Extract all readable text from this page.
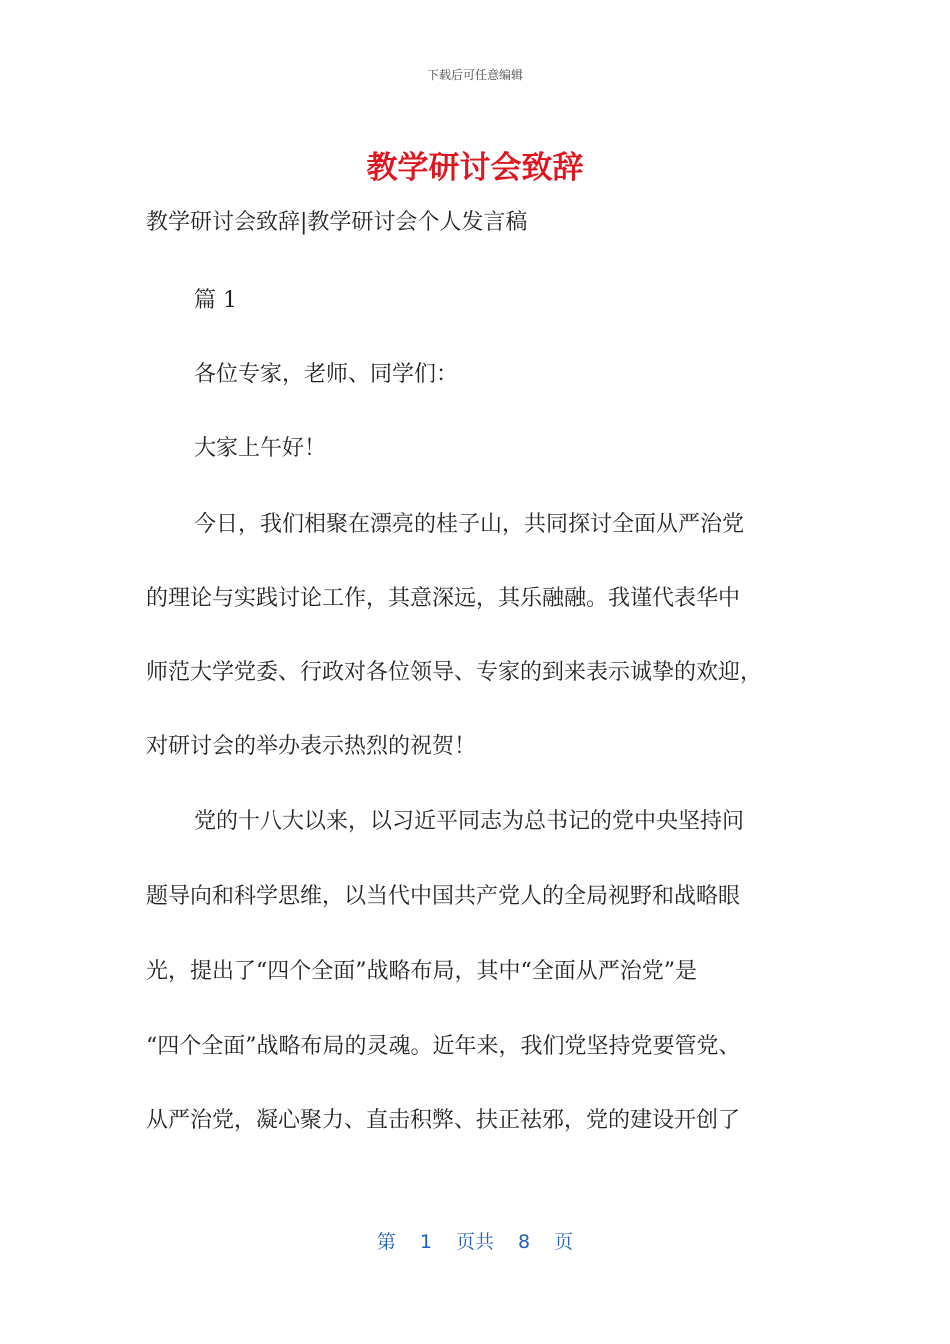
下载后可任意编辑
教学研讨会致辞
教学研讨会致辞|教学研讨会个人发言稿
篇 1
各位专家，老师、同学们：
大家上午好！
今日，我们相聚在漂亮的桂子山，共同探讨全面从严治党
的理论与实践讨论工作，其意深远，其乐融融。我谨代表华中
师范大学党委、行政对各位领导、专家的到来表示诚挚的欢迎，
对研讨会的举办表示热烈的祝贺！
党的十八大以来，以习近平同志为总书记的党中央坚持问
题导向和科学思维，以当代中国共产党人的全局视野和战略眼
光，提出了“四个全面”战略布局，其中“全面从严治党”是
“四个全面”战略布局的灵魂。近年来，我们党坚持党要管党、
从严治党，凝心聚力、直击积弊、扶正祛邪，党的建设开创了
第 1 页共 8 页
